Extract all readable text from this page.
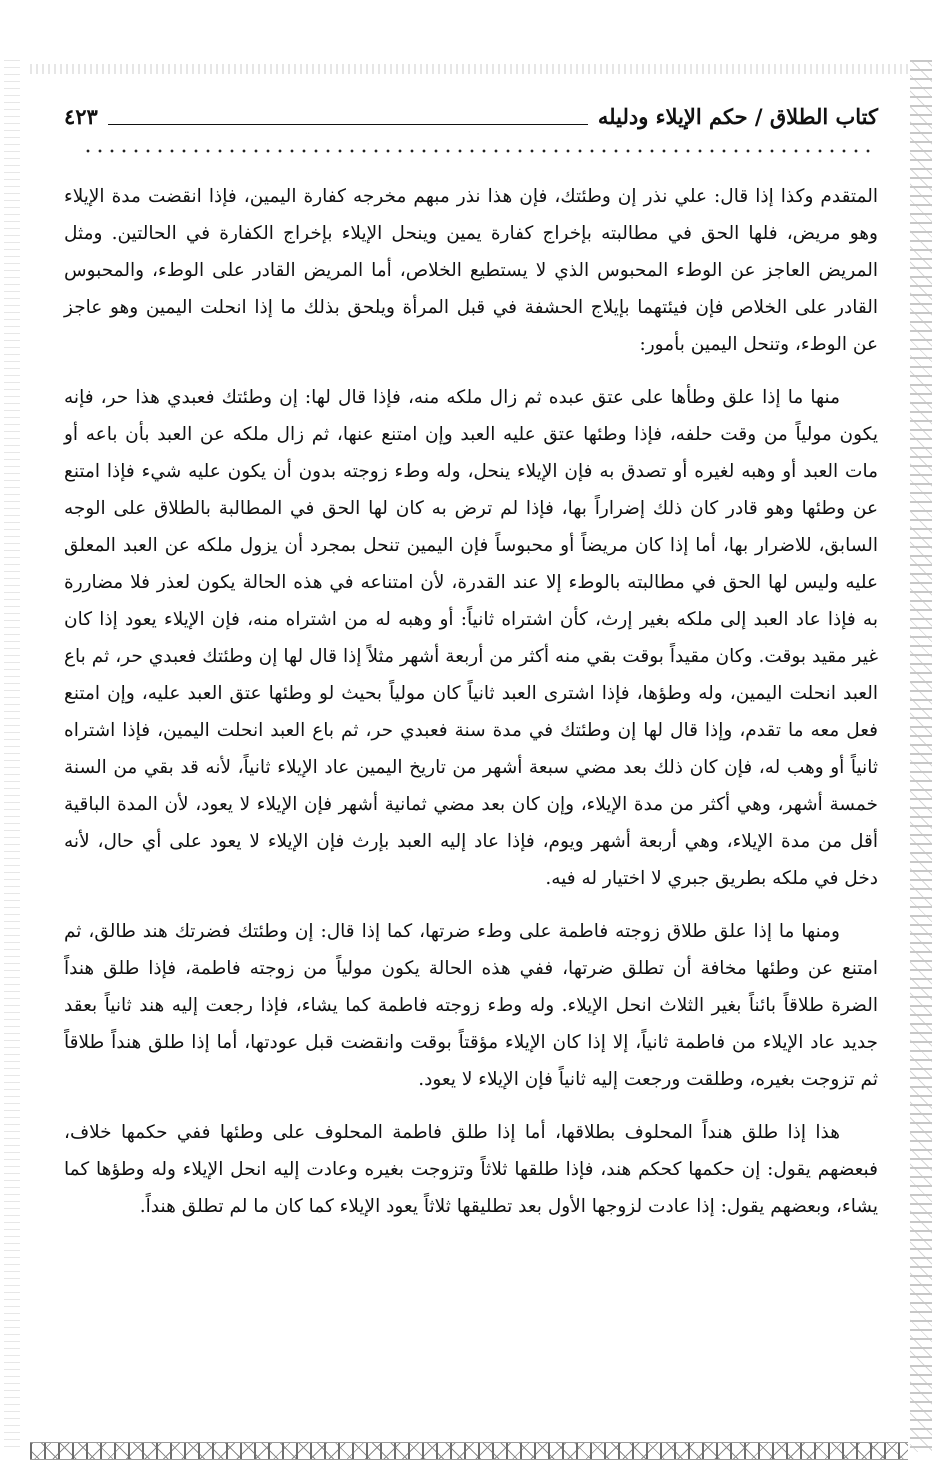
كتاب الطلاق / حكم الإيلاء ودليله
٤٢٣

المتقدم وكذا إذا قال: علي نذر إن وطئتك، فإن هذا نذر مبهم مخرجه كفارة اليمين، فإذا انقضت مدة الإيلاء وهو مريض، فلها الحق في مطالبته بإخراج كفارة يمين وينحل الإيلاء بإخراج الكفارة في الحالتين. ومثل المريض العاجز عن الوطء المحبوس الذي لا يستطيع الخلاص، أما المريض القادر على الوطء، والمحبوس القادر على الخلاص فإن فيئتهما بإيلاج الحشفة في قبل المرأة ويلحق بذلك ما إذا انحلت اليمين وهو عاجز عن الوطء، وتنحل اليمين بأمور:

منها ما إذا علق وطأها على عتق عبده ثم زال ملكه منه، فإذا قال لها: إن وطئتك فعبدي هذا حر، فإنه يكون مولياً من وقت حلفه، فإذا وطئها عتق عليه العبد وإن امتنع عنها، ثم زال ملكه عن العبد بأن باعه أو مات العبد أو وهبه لغيره أو تصدق به فإن الإيلاء ينحل، وله وطء زوجته بدون أن يكون عليه شيء فإذا امتنع عن وطئها وهو قادر كان ذلك إضراراً بها، فإذا لم ترض به كان لها الحق في المطالبة بالطلاق على الوجه السابق، للاضرار بها، أما إذا كان مريضاً أو محبوساً فإن اليمين تنحل بمجرد أن يزول ملكه عن العبد المعلق عليه وليس لها الحق في مطالبته بالوطء إلا عند القدرة، لأن امتناعه في هذه الحالة يكون لعذر فلا مضاررة به فإذا عاد العبد إلى ملكه بغير إرث، كأن اشتراه ثانياً: أو وهبه له من اشتراه منه، فإن الإيلاء يعود إذا كان غير مقيد بوقت. وكان مقيداً بوقت بقي منه أكثر من أربعة أشهر مثلاً إذا قال لها إن وطئتك فعبدي حر، ثم باع العبد انحلت اليمين، وله وطؤها، فإذا اشترى العبد ثانياً كان مولياً بحيث لو وطئها عتق العبد عليه، وإن امتنع فعل معه ما تقدم، وإذا قال لها إن وطئتك في مدة سنة فعبدي حر، ثم باع العبد انحلت اليمين، فإذا اشتراه ثانياً أو وهب له، فإن كان ذلك بعد مضي سبعة أشهر من تاريخ اليمين عاد الإيلاء ثانياً، لأنه قد بقي من السنة خمسة أشهر، وهي أكثر من مدة الإيلاء، وإن كان بعد مضي ثمانية أشهر فإن الإيلاء لا يعود، لأن المدة الباقية أقل من مدة الإيلاء، وهي أربعة أشهر ويوم، فإذا عاد إليه العبد بإرث فإن الإيلاء لا يعود على أي حال، لأنه دخل في ملكه بطريق جبري لا اختيار له فيه.

ومنها ما إذا علق طلاق زوجته فاطمة على وطء ضرتها، كما إذا قال: إن وطئتك فضرتك هند طالق، ثم امتنع عن وطئها مخافة أن تطلق ضرتها، ففي هذه الحالة يكون مولياً من زوجته فاطمة، فإذا طلق هنداً الضرة طلاقاً بائناً بغير الثلاث انحل الإيلاء. وله وطء زوجته فاطمة كما يشاء، فإذا رجعت إليه هند ثانياً بعقد جديد عاد الإيلاء من فاطمة ثانياً، إلا إذا كان الإيلاء مؤقتاً بوقت وانقضت قبل عودتها، أما إذا طلق هنداً طلاقاً ثم تزوجت بغيره، وطلقت ورجعت إليه ثانياً فإن الإيلاء لا يعود.

هذا إذا طلق هنداً المحلوف بطلاقها، أما إذا طلق فاطمة المحلوف على وطئها ففي حكمها خلاف، فبعضهم يقول: إن حكمها كحكم هند، فإذا طلقها ثلاثاً وتزوجت بغيره وعادت إليه انحل الإيلاء وله وطؤها كما يشاء، وبعضهم يقول: إذا عادت لزوجها الأول بعد تطليقها ثلاثاً يعود الإيلاء كما كان ما لم تطلق هنداً.
